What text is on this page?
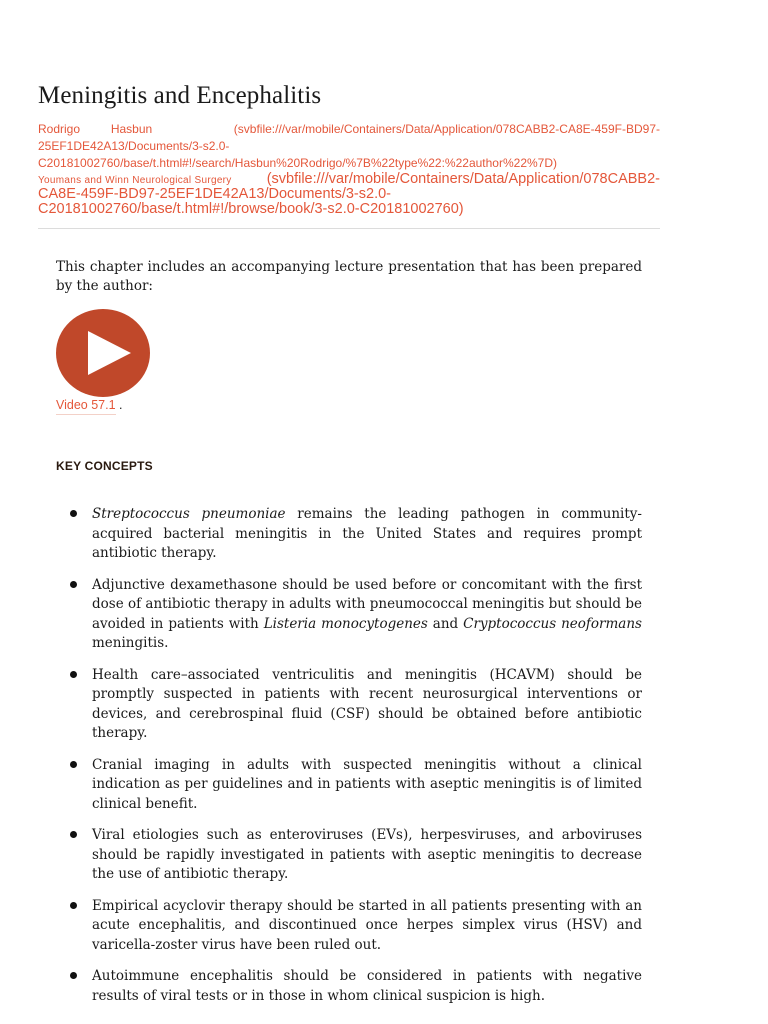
Meningitis and Encephalitis
Rodrigo	Hasbun	(svbfile:///var/mobile/Containers/Data/Application/078CABB2-CA8E-459F-BD97-
25EF1DE42A13/Documents/3-s2.0-
C20181002760/base/t.html#!/search/Hasbun%20Rodrigo/%7B%22type%22:%22author%22%7D)
Youmans and Winn Neurological Surgery (svbfile:///var/mobile/Containers/Data/Application/078CABB2-
CA8E-459F-BD97-25EF1DE42A13/Documents/3-s2.0-
C20181002760/base/t.html#!/browse/book/3-s2.0-C20181002760)

This chapter includes an accompanying lecture presentation that has been prepared by the author:

Video 57.1 .
KEY CONCEPTS
Streptococcus pneumoniae remains the leading pathogen in community-acquired bacterial meningitis in the United States and requires prompt antibiotic therapy.
Adjunctive dexamethasone should be used before or concomitant with the first dose of antibiotic therapy in adults with pneumococcal meningitis but should be avoided in patients with Listeria monocytogenes and Cryptococcus neoformans meningitis.
Health care–associated ventriculitis and meningitis (HCAVM) should be promptly suspected in patients with recent neurosurgical interventions or devices, and cerebrospinal fluid (CSF) should be obtained before antibiotic therapy.
Cranial imaging in adults with suspected meningitis without a clinical indication as per guidelines and in patients with aseptic meningitis is of limited clinical benefit.
Viral etiologies such as enteroviruses (EVs), herpesviruses, and arboviruses should be rapidly investigated in patients with aseptic meningitis to decrease the use of antibiotic therapy.
Empirical acyclovir therapy should be started in all patients presenting with an acute encephalitis, and discontinued once herpes simplex virus (HSV) and varicella-zoster virus have been ruled out.
Autoimmune encephalitis should be considered in patients with negative results of viral tests or in those in whom clinical suspicion is high.
